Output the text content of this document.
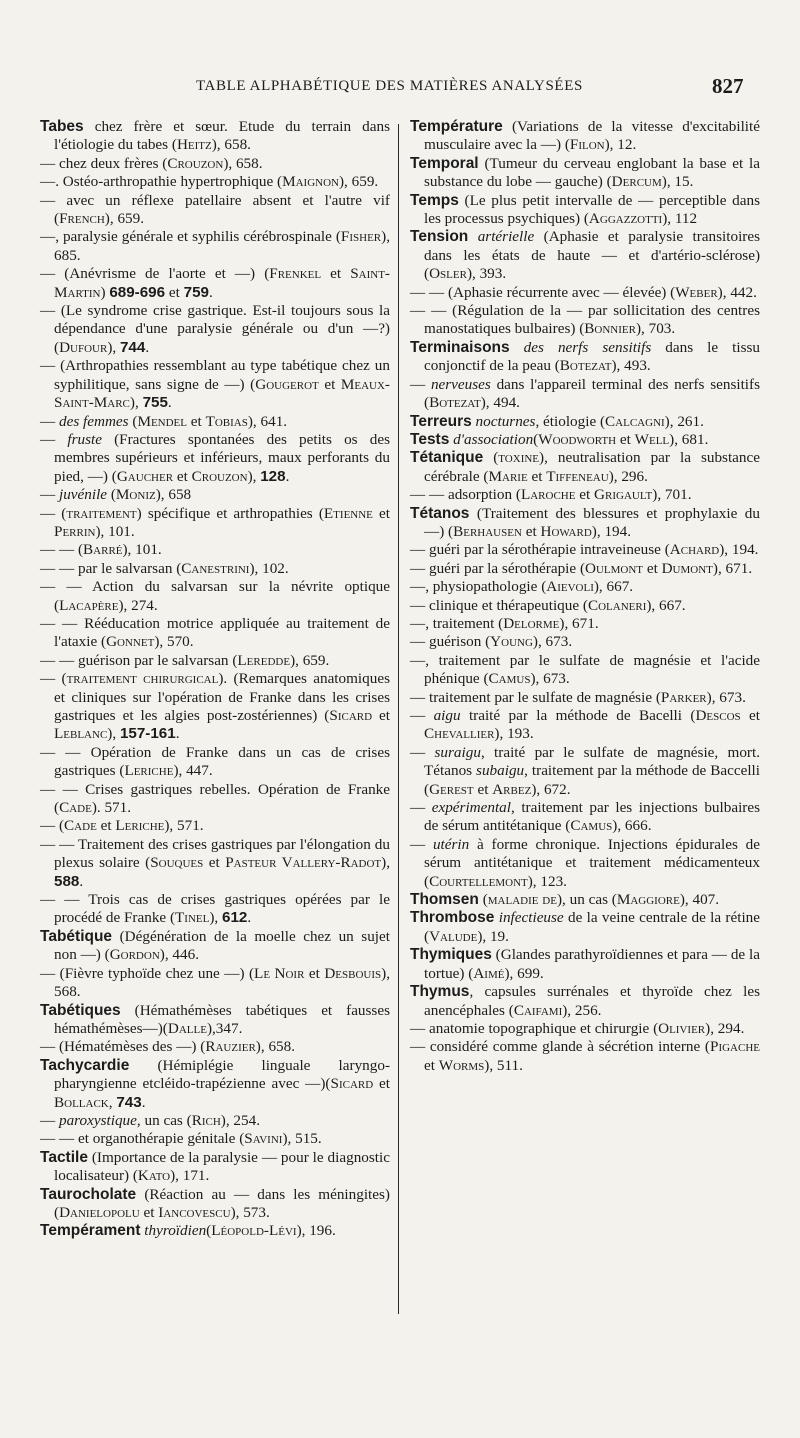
TABLE ALPHABÉTIQUE DES MATIÈRES ANALYSÉES	827
Tabes chez frère et sœur. Etude du terrain dans l'étiologie du tabes (Heitz), 658.
— chez deux frères (Crouzon), 658.
—. Ostéo-arthropathie hypertrophique (Maignon), 659.
— avec un réflexe patellaire absent et l'autre vif (French), 659.
—, paralysie générale et syphilis cérébrospinale (Fisher), 685.
— (Anévrisme de l'aorte et —) (Frenkel et Saint-Martin) 689-696 et 759.
— (Le syndrome crise gastrique. Est-il toujours sous la dépendance d'une paralysie générale ou d'un —?) (Dufour), 744.
— (Arthropathies ressemblant au type tabétique chez un syphilitique, sans signe de —) (Gougerot et Meaux-Saint-Marc), 755.
— des femmes (Mendel et Tobias), 641.
— fruste (Fractures spontanées des petits os des membres supérieurs et inférieurs, maux perforants du pied, —) (Gaucher et Crouzon), 128.
— juvénile (Moniz), 658
— (traitement) spécifique et arthropathies (Etienne et Perrin), 101.
— — (Barré), 101.
— — par le salvarsan (Canestrini), 102.
— — Action du salvarsan sur la névrite optique (Lacapère), 274.
— — Rééducation motrice appliquée au traitement de l'ataxie (Gonnet), 570.
— — guérison par le salvarsan (Leredde), 659.
— (traitement chirurgical). (Remarques anatomiques et cliniques sur l'opération de Franke dans les crises gastriques et les algies post-zostériennes) (Sicard et Leblanc), 157-161.
— — Opération de Franke dans un cas de crises gastriques (Leriche), 447.
— — Crises gastriques rebelles. Opération de Franke (Cade). 571.
— (Cade et Leriche), 571.
— — Traitement des crises gastriques par l'élongation du plexus solaire (Souques et Pasteur Vallery-Radot), 588.
— — Trois cas de crises gastriques opérées par le procédé de Franke (Tinel), 612.
Tabétique (Dégénération de la moelle chez un sujet non —) (Gordon), 446.
— (Fièvre typhoïde chez une —) (Le Noir et Desbouis), 568.
Tabétiques (Hémathémèses tabétiques et fausses hémathémèses—)(Dalle),347.
— (Hématémèses des —) (Rauzier), 658.
Tachycardie (Hémiplégie linguale laryngo-pharyngienne etcléido-trapézienne avec —)(Sicard et Bollack, 743.
— paroxystique, un cas (Rich), 254.
— — et organothérapie génitale (Savini), 515.
Tactile (Importance de la paralysie — pour le diagnostic localisateur) (Kato), 171.
Taurocholate (Réaction au — dans les méningites)(Danielopolu et Iancovescu), 573.
Tempérament thyroïdien(Léopold-Lévi), 196.
Température (Variations de la vitesse d'excitabilité musculaire avec la —) (Filon), 12.
Temporal (Tumeur du cerveau englobant la base et la substance du lobe — gauche) (Dercum), 15.
Temps (Le plus petit intervalle de — perceptible dans les processus psychiques) (Aggazzotti), 112
Tension artérielle (Aphasie et paralysie transitoires dans les états de haute — et d'artério-sclérose) (Osler), 393.
— — (Aphasie récurrente avec — élevée) (Weber), 442.
— — (Régulation de la — par sollicitation des centres manostatiques bulbaires) (Bonnier), 703.
Terminaisons des nerfs sensitifs dans le tissu conjonctif de la peau (Botezat), 493.
— nerveuses dans l'appareil terminal des nerfs sensitifs (Botezat), 494.
Terreurs nocturnes, étiologie (Calcagni), 261.
Tests d'association(Woodworth et Well), 681.
Tétanique (toxine), neutralisation par la substance cérébrale (Marie et Tiffeneau), 296.
— — adsorption (Laroche et Grigault), 701.
Tétanos (Traitement des blessures et prophylaxie du —) (Berhausen et Howard), 194.
— guéri par la sérothérapie intraveineuse (Achard), 194.
— guéri par la sérothérapie (Oulmont et Dumont), 671.
—, physiopathologie (Aievoli), 667.
— clinique et thérapeutique (Colaneri), 667.
—, traitement (Delorme), 671.
— guérison (Young), 673.
—, traitement par le sulfate de magnésie et l'acide phénique (Camus), 673.
— traitement par le sulfate de magnésie (Parker), 673.
— aigu traité par la méthode de Bacelli (Descos et Chevallier), 193.
— suraigu, traité par le sulfate de magnésie, mort. Tétanos subaigu, traitement par la méthode de Baccelli (Gerest et Arbez), 672.
— expérimental, traitement par les injections bulbaires de sérum antitétanique (Camus), 666.
— utérin à forme chronique. Injections épidurales de sérum antitétanique et traitement médicamenteux (Courtellemont), 123.
Thomsen (maladie de), un cas (Maggiore), 407.
Thrombose infectieuse de la veine centrale de la rétine (Valude), 19.
Thymiques (Glandes parathyroïdiennes et para — de la tortue) (Aimé), 699.
Thymus, capsules surrénales et thyroïde chez les anencéphales (Caifami), 256.
— anatomie topographique et chirurgie (Olivier), 294.
— considéré comme glande à sécrétion interne (Pigache et Worms), 511.
